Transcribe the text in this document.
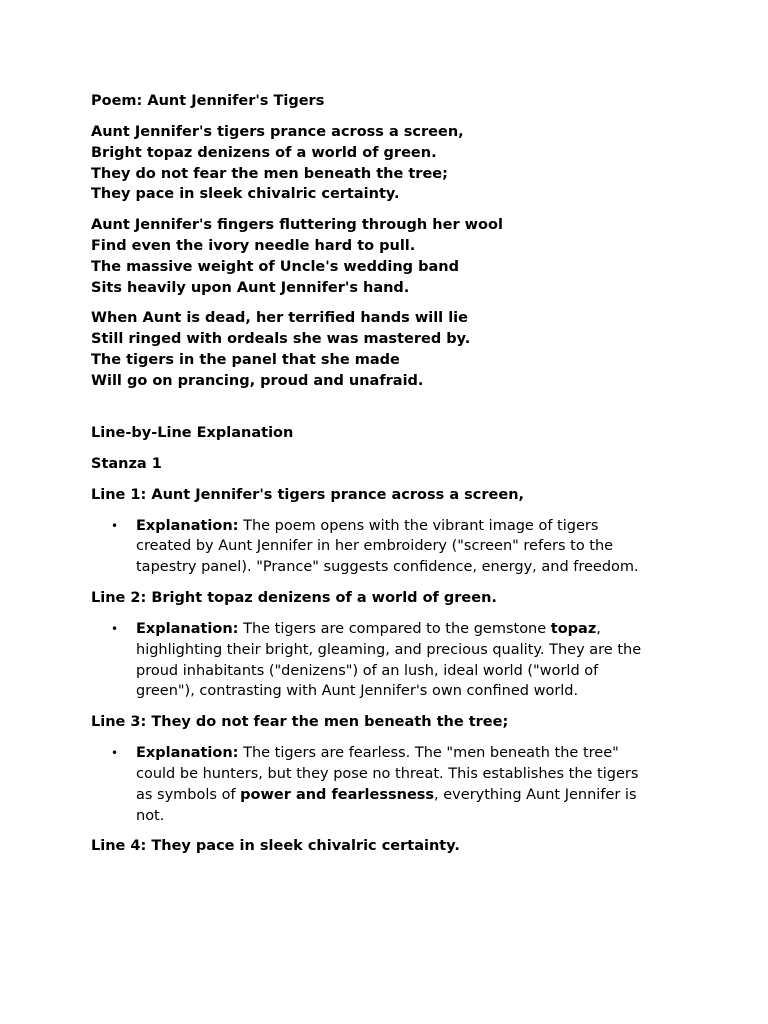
Poem: Aunt Jennifer's Tigers
Aunt Jennifer's tigers prance across a screen,
Bright topaz denizens of a world of green.
They do not fear the men beneath the tree;
They pace in sleek chivalric certainty.
Aunt Jennifer's fingers fluttering through her wool
Find even the ivory needle hard to pull.
The massive weight of Uncle's wedding band
Sits heavily upon Aunt Jennifer's hand.
When Aunt is dead, her terrified hands will lie
Still ringed with ordeals she was mastered by.
The tigers in the panel that she made
Will go on prancing, proud and unafraid.
Line-by-Line Explanation
Stanza 1
Line 1: Aunt Jennifer's tigers prance across a screen,
• Explanation: The poem opens with the vibrant image of tigers
created by Aunt Jennifer in her embroidery ("screen" refers to the
tapestry panel). "Prance" suggests confidence, energy, and freedom.
Line 2: Bright topaz denizens of a world of green.
• Explanation: The tigers are compared to the gemstone topaz,
highlighting their bright, gleaming, and precious quality. They are the
proud inhabitants ("denizens") of an lush, ideal world ("world of
green"), contrasting with Aunt Jennifer's own confined world.
Line 3: They do not fear the men beneath the tree;
• Explanation: The tigers are fearless. The "men beneath the tree"
could be hunters, but they pose no threat. This establishes the tigers
as symbols of power and fearlessness, everything Aunt Jennifer is
not.
Line 4: They pace in sleek chivalric certainty.
